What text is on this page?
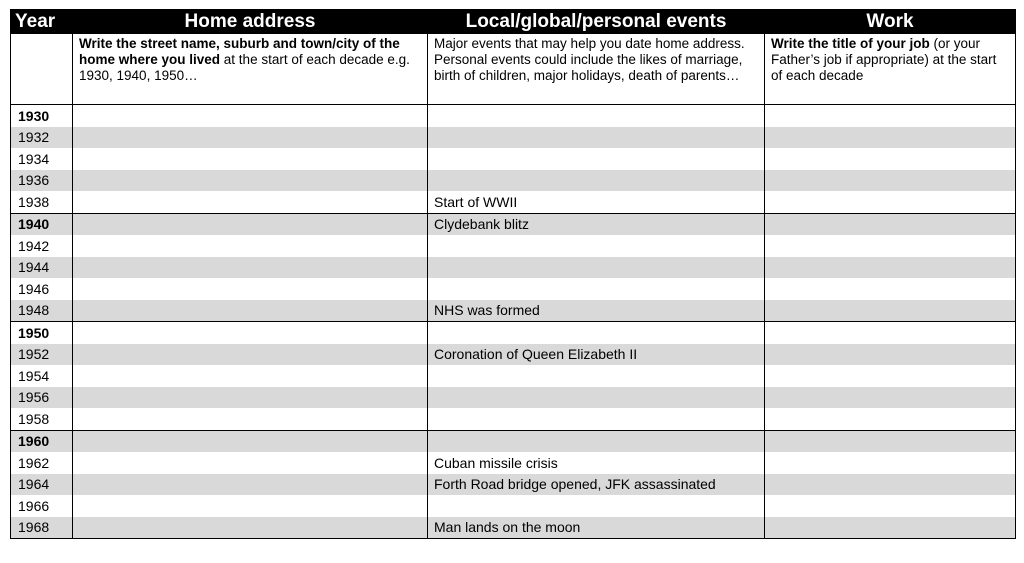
Year	Home address	Local/global/personal events	Work
	Write the street name, suburb and town/city of the home where you lived at the start of each decade e.g. 1930, 1940, 1950…	Major events that may help you date home address. Personal events could include the likes of marriage, birth of children, major holidays, death of parents…	Write the title of your job (or your Father’s job if appropriate) at the start of each decade
1930			
1932			
1934			
1936			
1938		Start of WWII	
1940		Clydebank blitz	
1942			
1944			
1946			
1948		NHS was formed	
1950			
1952		Coronation of Queen Elizabeth II	
1954			
1956			
1958			
1960			
1962		Cuban missile crisis	
1964		Forth Road bridge opened, JFK assassinated	
1966			
1968		Man lands on the moon	
